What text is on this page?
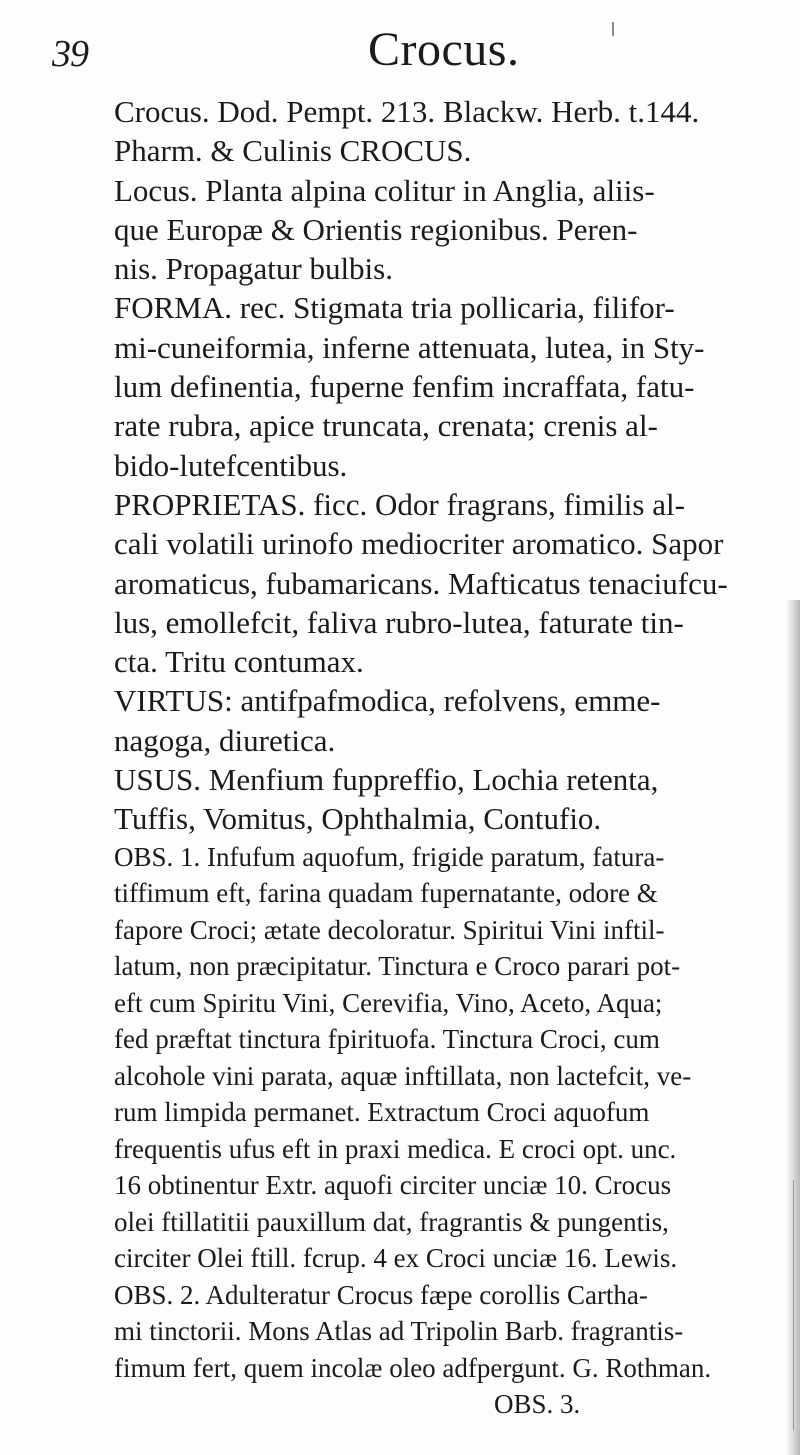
39	Crocus.
Crocus. Dod. Pempt. 213. Blackw. Herb. t.144.
Pharm. & Culinis CROCUS.
Locus. Planta alpina colitur in Anglia, aliis-
que Europæ & Orientis regionibus. Peren-
nis. Propagatur bulbis.
FORMA. rec. Stigmata tria pollicaria, filifor-
mi-cuneiformia, inferne attenuata, lutea, in Sty-
lum definentia, fuperne fenfim incraffata, fatu-
rate rubra, apice truncata, crenata; crenis al-
bido-lutefcentibus.
PROPRIETAS. ficc. Odor fragrans, fimilis al-
cali volatili urinofo mediocriter aromatico. Sapor
aromaticus, fubamaricans. Mafticatus tenaciufcu-
lus, emollefcit, faliva rubro-lutea, faturate tin-
cta. Tritu contumax.
VIRTUS: antifpafmodica, refolvens, emme-
nagoga, diuretica.
USUS. Menfium fuppreffio, Lochia retenta,
Tuffis, Vomitus, Ophthalmia, Contufio.
OBS. 1. Infufum aquofum, frigide paratum, fatura-
tiffimum eft, farina quadam fupernatante, odore &
fapore Croci; ætate decoloratur. Spiritui Vini inftil-
latum, non præcipitatur. Tinctura e Croco parari pot-
eft cum Spiritu Vini, Cerevifia, Vino, Aceto, Aqua;
fed præftat tinctura fpirituofa. Tinctura Croci, cum
alcohole vini parata, aquæ inftillata, non lactefcit, ve-
rum limpida permanet. Extractum Croci aquofum
frequentis ufus eft in praxi medica. E croci opt. unc.
16 obtinentur Extr. aquofi circiter unciæ 10. Crocus
olei ftillatitii pauxillum dat, fragrantis & pungentis,
circiter Olei ftill. fcrup. 4 ex Croci unciæ 16. Lewis.
OBS. 2. Adulteratur Crocus fæpe corollis Cartha-
mi tinctorii. Mons Atlas ad Tripolin Barb. fragrantis-
fimum fert, quem incolæ oleo adfpergunt. G. Rothman.
OBS. 3.
